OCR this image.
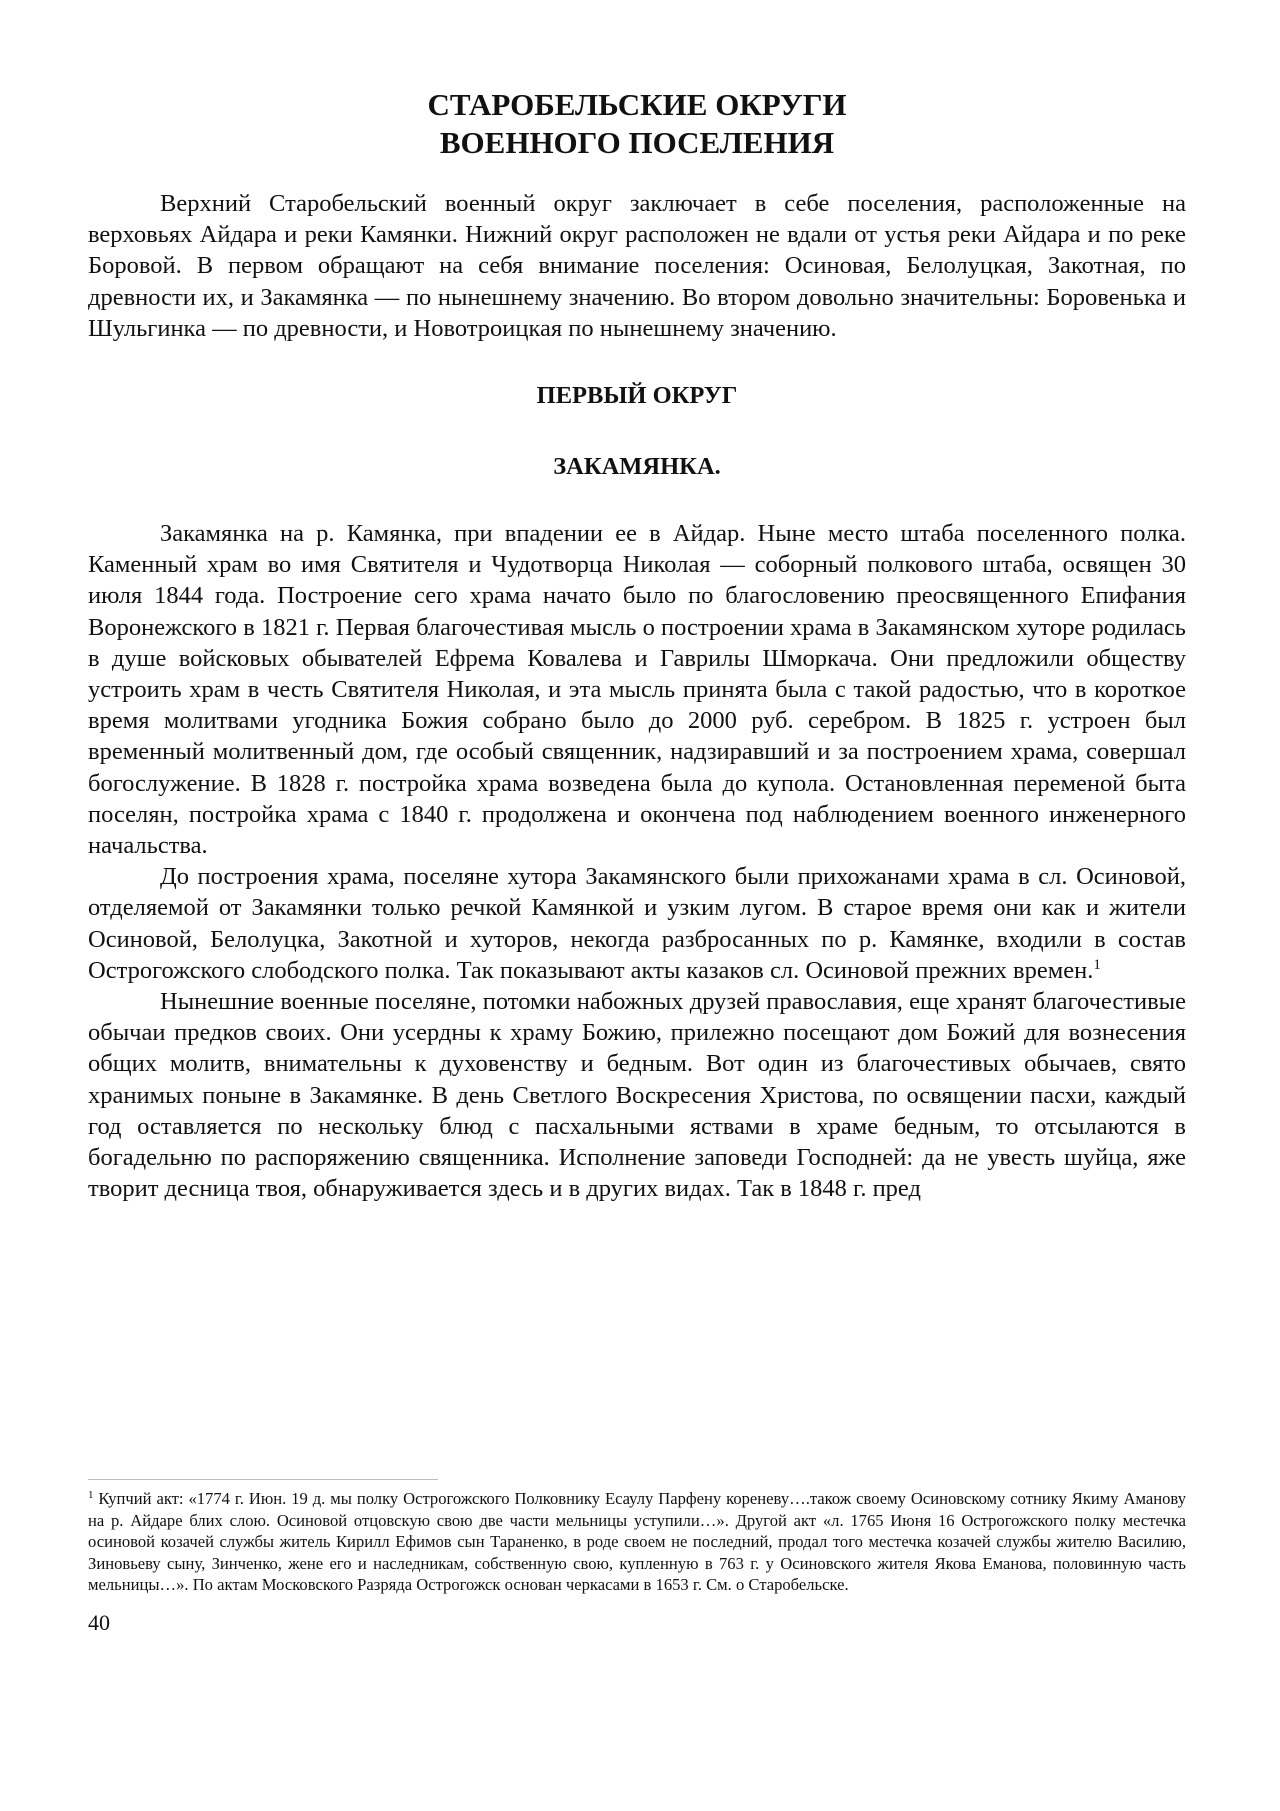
СТАРОБЕЛЬСКИЕ ОКРУГИ
ВОЕННОГО ПОСЕЛЕНИЯ

Верхний Старобельский военный округ заключает в себе поселения, расположенные на верховьях Айдара и реки Камянки. Нижний округ расположен не вдали от устья реки Айдара и по реке Боровой. В первом обращают на себя внимание поселения: Осиновая, Белолуцкая, Закотная, по древности их, и Закамянка — по нынешнему значению. Во втором довольно значительны: Боровенька и Шульгинка — по древности, и Новотроицкая по нынешнему значению.

ПЕРВЫЙ ОКРУГ
ЗАКАМЯНКА.

Закамянка на р. Камянка, при впадении ее в Айдар. Ныне место штаба поселенного полка. Каменный храм во имя Святителя и Чудотворца Николая — соборный полкового штаба, освящен 30 июля 1844 года. Построение сего храма начато было по благословению преосвященного Епифания Воронежского в 1821 г. Первая благочестивая мысль о построении храма в Закамянском хуторе родилась в душе войсковых обывателей Ефрема Ковалева и Гаврилы Шморкача. Они предложили обществу устроить храм в честь Святителя Николая, и эта мысль принята была с такой радостью, что в короткое время молитвами угодника Божия собрано было до 2000 руб. серебром. В 1825 г. устроен был временный молитвенный дом, где особый священник, надзиравший и за построением храма, совершал богослужение. В 1828 г. постройка храма возведена была до купола. Остановленная переменой быта поселян, постройка храма с 1840 г. продолжена и окончена под наблюдением военного инженерного начальства.

До построения храма, поселяне хутора Закамянского были прихожанами храма в сл. Осиновой, отделяемой от Закамянки только речкой Камянкой и узким лугом. В старое время они как и жители Осиновой, Белолуцка, Закотной и хуторов, некогда разбросанных по р. Камянке, входили в состав Острогожского слободского полка. Так показывают акты казаков сл. Осиновой прежних времен.$^1$

Нынешние военные поселяне, потомки набожных друзей православия, еще хранят благочестивые обычаи предков своих. Они усердны к храму Божию, прилежно посещают дом Божий для вознесения общих молитв, внимательны к духовенству и бедным. Вот один из благочестивых обычаев, свято хранимых поныне в Закамянке. В день Светлого Воскресения Христова, по освящении пасхи, каждый год оставляется по нескольку блюд с пасхальными яствами в храме бедным, то отсылаются в богадельню по распоряжению священника. Исполнение заповеди Господней: да не увесть шуйца, яже творит десница твоя, обнаруживается здесь и в других видах. Так в 1848 г. пред

$^1$ Купчий акт: «1774 г. Июн. 19 д. мы полку Острогожского Полковнику Есаулу Парфену кореневу….також своему Осиновскому сотнику Якиму Аманову на р. Айдаре блих слою. Осиновой отцовскую свою две части мельницы уступили…». Другой акт «л. 1765 Июня 16 Острогожского полку местечка осиновой козачей службы житель Кирилл Ефимов сын Тараненко, в роде своем не последний, продал того местечка козачей службы жителю Василию, Зиновьеву сыну, Зинченко, жене его и наследникам, собственную свою, купленную в 763 г. у Осиновского жителя Якова Еманова, половинную часть мельницы…». По актам Московского Разряда Острогожск основан черкасами в 1653 г. См. о Старобельске.

40
